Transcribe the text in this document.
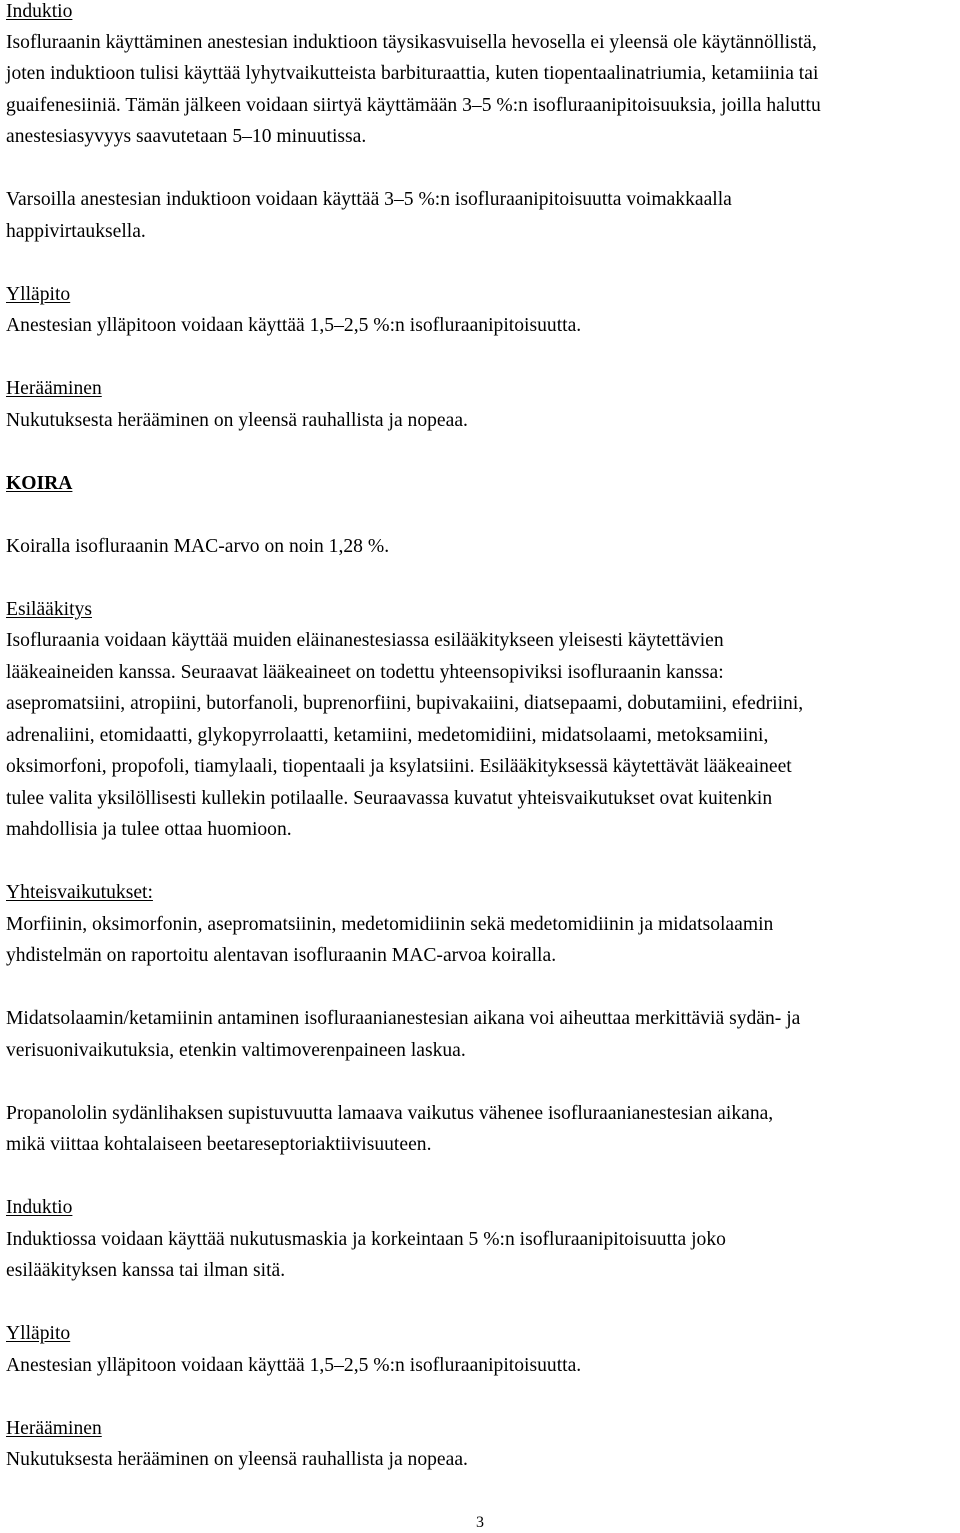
Induktio
Isofluraanin käyttäminen anestesian induktioon täysikasvuisella hevosella ei yleensä ole käytännöllistä,
joten induktioon tulisi käyttää lyhytvaikutteista barbituraattia, kuten tiopentaalinatriumia, ketamiinia tai
guaifenesiiniä. Tämän jälkeen voidaan siirtyä käyttämään 3–5 %:n isofluraanipitoisuuksia, joilla haluttu
anestesiasyvyys saavutetaan 5–10 minuutissa.
Varsoilla anestesian induktioon voidaan käyttää 3–5 %:n isofluraanipitoisuutta voimakkaalla
happivirtauksella.
Ylläpito
Anestesian ylläpitoon voidaan käyttää 1,5–2,5 %:n isofluraanipitoisuutta.
Herääminen
Nukutuksesta herääminen on yleensä rauhallista ja nopeaa.
KOIRA
Koiralla isofluraanin MAC-arvo on noin 1,28 %.
Esilääkitys
Isofluraania voidaan käyttää muiden eläinanestesiassa esilääkitykseen yleisesti käytettävien
lääkeaineiden kanssa. Seuraavat lääkeaineet on todettu yhteensopiviksi isofluraanin kanssa:
asepromatsiini, atropiini, butorfanoli, buprenorfiini, bupivakaiini, diatsepaami, dobutamiini, efedriini,
adrenaliini, etomidaatti, glykopyrrolaatti, ketamiini, medetomidiini, midatsolaami, metoksamiini,
oksimorfoni, propofoli, tiamylaali, tiopentaali ja ksylatsiini. Esilääkityksessä käytettävät lääkeaineet
tulee valita yksilöllisesti kullekin potilaalle. Seuraavassa kuvatut yhteisvaikutukset ovat kuitenkin
mahdollisia ja tulee ottaa huomioon.
Yhteisvaikutukset:
Morfiinin, oksimorfonin, asepromatsiinin, medetomidiinin sekä medetomidiinin ja midatsolaamin
yhdistelmän on raportoitu alentavan isofluraanin MAC-arvoa koiralla.
Midatsolaamin/ketamiinin antaminen isofluraanianestesian aikana voi aiheuttaa merkittäviä sydän- ja
verisuonivaikutuksia, etenkin valtimoverenpaineen laskua.
Propanololin sydänlihaksen supistuvuutta lamaava vaikutus vähenee isofluraanianestesian aikana,
mikä viittaa kohtalaiseen beetareseptoriaktiivisuuteen.
Induktio
Induktiossa voidaan käyttää nukutusmaskia ja korkeintaan 5 %:n isofluraanipitoisuutta joko
esilääkityksen kanssa tai ilman sitä.
Ylläpito
Anestesian ylläpitoon voidaan käyttää 1,5–2,5 %:n isofluraanipitoisuutta.
Herääminen
Nukutuksesta herääminen on yleensä rauhallista ja nopeaa.
3
